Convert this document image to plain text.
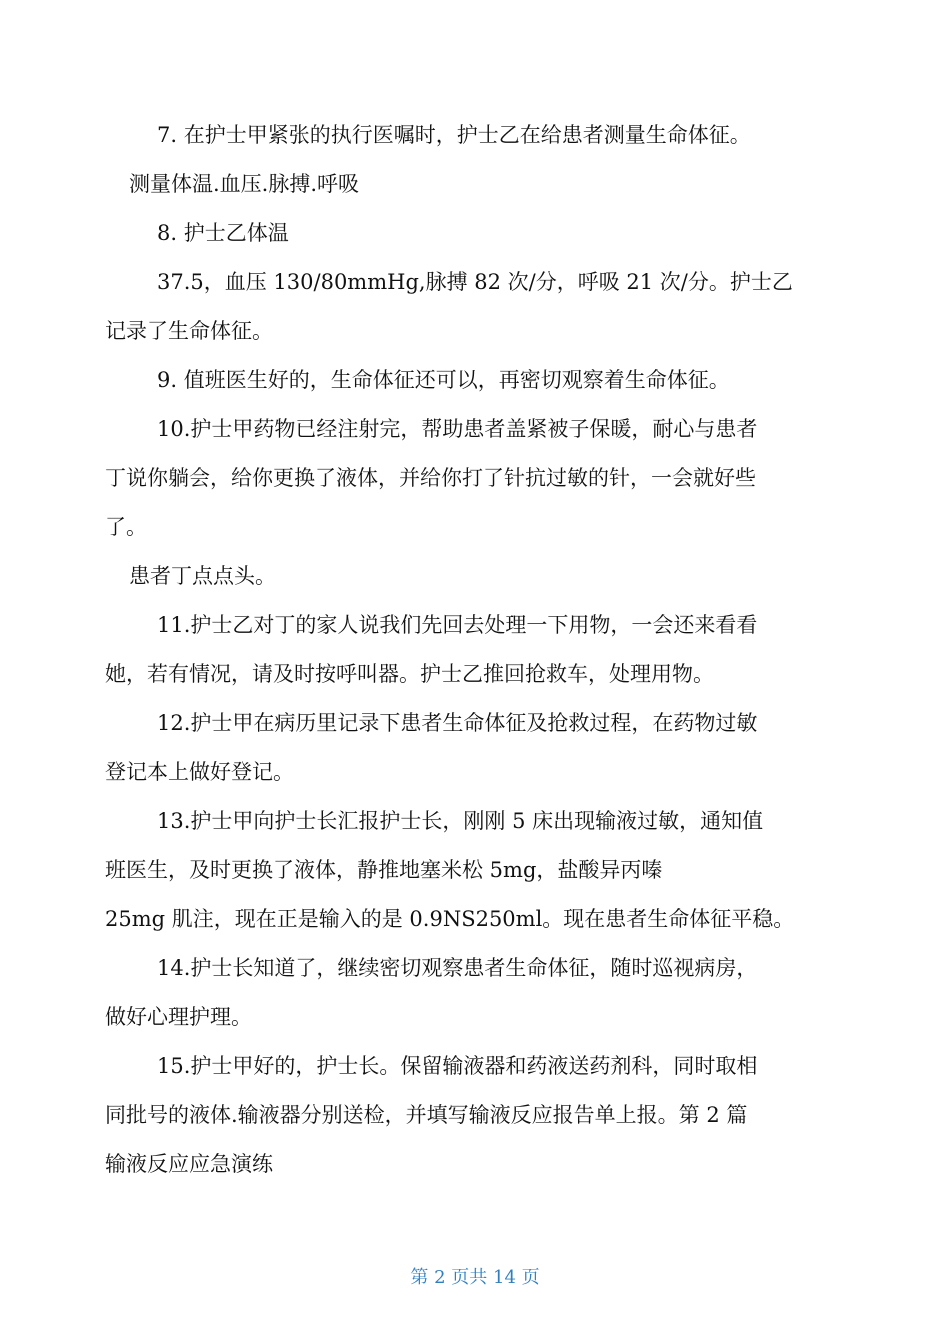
7. 在护士甲紧张的执行医嘱时，护士乙在给患者测量生命体征。

测量体温.血压.脉搏.呼吸

8. 护士乙体温

37.5，血压 130/80mmHg,脉搏 82 次/分，呼吸 21 次/分。护士乙
记录了生命体征。

9. 值班医生好的，生命体征还可以，再密切观察着生命体征。

10.护士甲药物已经注射完，帮助患者盖紧被子保暖，耐心与患者
丁说你躺会，给你更换了液体，并给你打了针抗过敏的针，一会就好些
了。

患者丁点点头。

11.护士乙对丁的家人说我们先回去处理一下用物，一会还来看看
她，若有情况，请及时按呼叫器。护士乙推回抢救车，处理用物。

12.护士甲在病历里记录下患者生命体征及抢救过程，在药物过敏
登记本上做好登记。

13.护士甲向护士长汇报护士长，刚刚 5 床出现输液过敏，通知值
班医生，及时更换了液体，静推地塞米松 5mg，盐酸异丙嗪
25mg 肌注，现在正是输入的是 0.9NS250ml。现在患者生命体征平稳。

14.护士长知道了，继续密切观察患者生命体征，随时巡视病房，
做好心理护理。

15.护士甲好的，护士长。保留输液器和药液送药剂科，同时取相
同批号的液体.输液器分别送检，并填写输液反应报告单上报。第 2 篇
输液反应应急演练

第 2 页共 14 页
